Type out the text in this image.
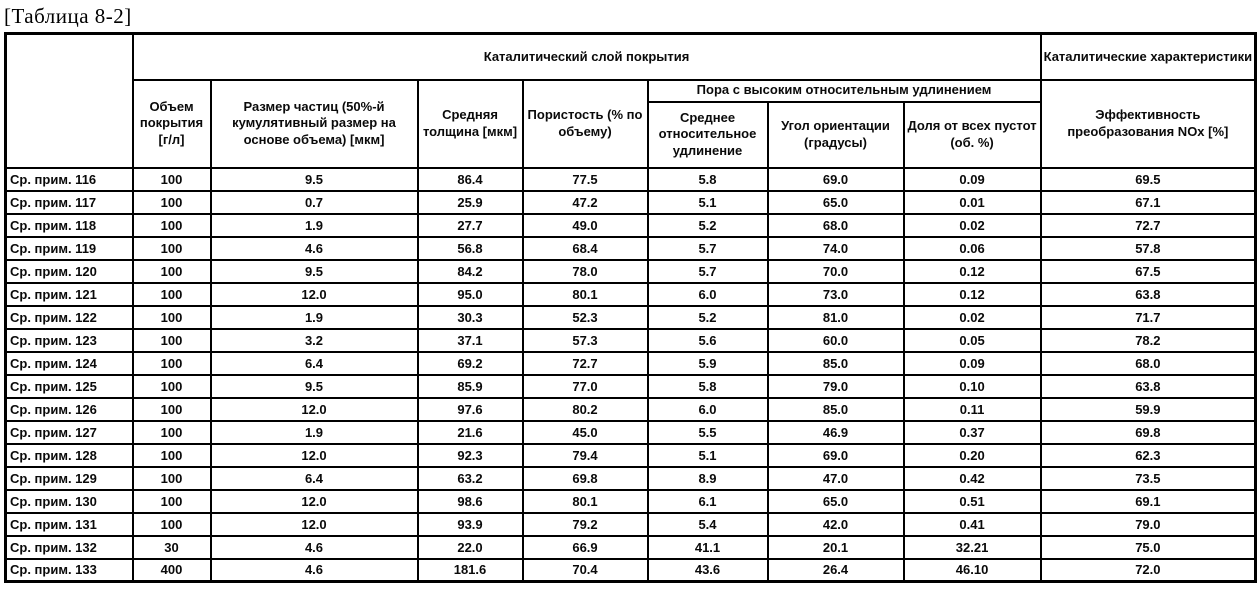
[Таблица 8-2]
	Каталитический слой покрытия							Каталитические характеристики
	Объем покрытия [г/л]	Размер частиц (50%-й кумулятивный размер на основе объема) [мкм]	Средняя толщина [мкм]	Пористость (% по объему)	Пора с высоким относительным удлинением			Эффективность преобразования NOx [%]
					Среднее относительное удлинение	Угол ориентации (градусы)	Доля от всех пустот (об. %)	
Ср. прим. 116	100	9.5	86.4	77.5	5.8	69.0	0.09	69.5
Ср. прим. 117	100	0.7	25.9	47.2	5.1	65.0	0.01	67.1
Ср. прим. 118	100	1.9	27.7	49.0	5.2	68.0	0.02	72.7
Ср. прим. 119	100	4.6	56.8	68.4	5.7	74.0	0.06	57.8
Ср. прим. 120	100	9.5	84.2	78.0	5.7	70.0	0.12	67.5
Ср. прим. 121	100	12.0	95.0	80.1	6.0	73.0	0.12	63.8
Ср. прим. 122	100	1.9	30.3	52.3	5.2	81.0	0.02	71.7
Ср. прим. 123	100	3.2	37.1	57.3	5.6	60.0	0.05	78.2
Ср. прим. 124	100	6.4	69.2	72.7	5.9	85.0	0.09	68.0
Ср. прим. 125	100	9.5	85.9	77.0	5.8	79.0	0.10	63.8
Ср. прим. 126	100	12.0	97.6	80.2	6.0	85.0	0.11	59.9
Ср. прим. 127	100	1.9	21.6	45.0	5.5	46.9	0.37	69.8
Ср. прим. 128	100	12.0	92.3	79.4	5.1	69.0	0.20	62.3
Ср. прим. 129	100	6.4	63.2	69.8	8.9	47.0	0.42	73.5
Ср. прим. 130	100	12.0	98.6	80.1	6.1	65.0	0.51	69.1
Ср. прим. 131	100	12.0	93.9	79.2	5.4	42.0	0.41	79.0
Ср. прим. 132	30	4.6	22.0	66.9	41.1	20.1	32.21	75.0
Ср. прим. 133	400	4.6	181.6	70.4	43.6	26.4	46.10	72.0
